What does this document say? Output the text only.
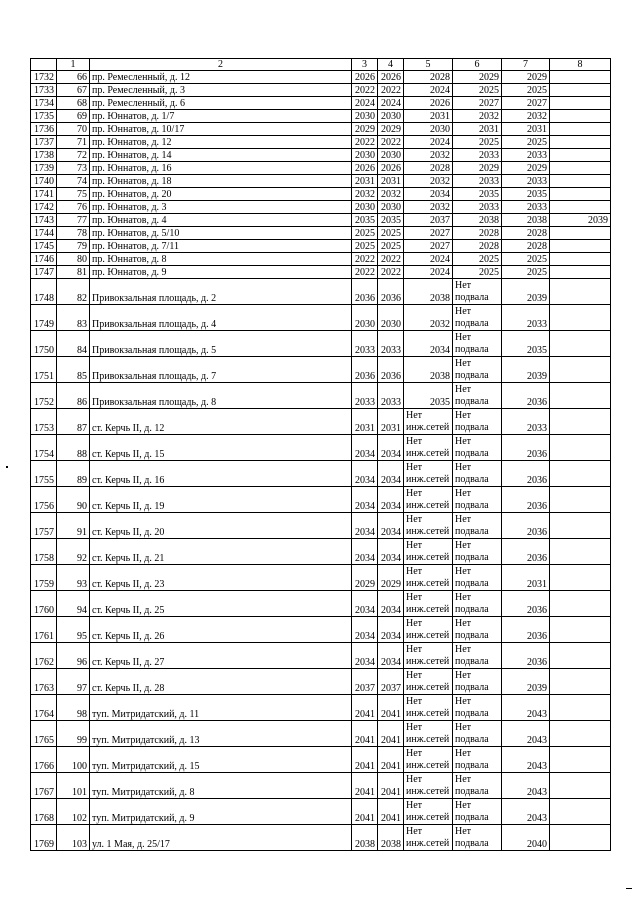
	1	2	3	4	5	6	7	8
1732	66	пр. Ремесленный, д. 12	2026	2026	2028	2029	2029	
1733	67	пр. Ремесленный, д. 3	2022	2022	2024	2025	2025	
1734	68	пр. Ремесленный, д. 6	2024	2024	2026	2027	2027	
1735	69	пр. Юннатов, д. 1/7	2030	2030	2031	2032	2032	
1736	70	пр. Юннатов, д. 10/17	2029	2029	2030	2031	2031	
1737	71	пр. Юннатов, д. 12	2022	2022	2024	2025	2025	
1738	72	пр. Юннатов, д. 14	2030	2030	2032	2033	2033	
1739	73	пр. Юннатов, д. 16	2026	2026	2028	2029	2029	
1740	74	пр. Юннатов, д. 18	2031	2031	2032	2033	2033	
1741	75	пр. Юннатов, д. 20	2032	2032	2034	2035	2035	
1742	76	пр. Юннатов, д. 3	2030	2030	2032	2033	2033	
1743	77	пр. Юннатов, д. 4	2035	2035	2037	2038	2038	2039
1744	78	пр. Юннатов, д. 5/10	2025	2025	2027	2028	2028	
1745	79	пр. Юннатов, д. 7/11	2025	2025	2027	2028	2028	
1746	80	пр. Юннатов, д. 8	2022	2022	2024	2025	2025	
1747	81	пр. Юннатов, д. 9	2022	2022	2024	2025	2025	
1748	82	Привокзальная площадь, д. 2	2036	2036	2038	Нет
подвала	2039	
1749	83	Привокзальная площадь, д. 4	2030	2030	2032	Нет
подвала	2033	
1750	84	Привокзальная площадь, д. 5	2033	2033	2034	Нет
подвала	2035	
1751	85	Привокзальная площадь, д. 7	2036	2036	2038	Нет
подвала	2039	
1752	86	Привокзальная площадь, д. 8	2033	2033	2035	Нет
подвала	2036	
1753	87	ст. Керчь II, д. 12	2031	2031	Нет
инж.сетей	Нет
подвала	2033	
1754	88	ст. Керчь II, д. 15	2034	2034	Нет
инж.сетей	Нет
подвала	2036	
1755	89	ст. Керчь II, д. 16	2034	2034	Нет
инж.сетей	Нет
подвала	2036	
1756	90	ст. Керчь II, д. 19	2034	2034	Нет
инж.сетей	Нет
подвала	2036	
1757	91	ст. Керчь II, д. 20	2034	2034	Нет
инж.сетей	Нет
подвала	2036	
1758	92	ст. Керчь II, д. 21	2034	2034	Нет
инж.сетей	Нет
подвала	2036	
1759	93	ст. Керчь II, д. 23	2029	2029	Нет
инж.сетей	Нет
подвала	2031	
1760	94	ст. Керчь II, д. 25	2034	2034	Нет
инж.сетей	Нет
подвала	2036	
1761	95	ст. Керчь II, д. 26	2034	2034	Нет
инж.сетей	Нет
подвала	2036	
1762	96	ст. Керчь II, д. 27	2034	2034	Нет
инж.сетей	Нет
подвала	2036	
1763	97	ст. Керчь II, д. 28	2037	2037	Нет
инж.сетей	Нет
подвала	2039	
1764	98	туп. Митридатский, д. 11	2041	2041	Нет
инж.сетей	Нет
подвала	2043	
1765	99	туп. Митридатский, д. 13	2041	2041	Нет
инж.сетей	Нет
подвала	2043	
1766	100	туп. Митридатский, д. 15	2041	2041	Нет
инж.сетей	Нет
подвала	2043	
1767	101	туп. Митридатский, д. 8	2041	2041	Нет
инж.сетей	Нет
подвала	2043	
1768	102	туп. Митридатский, д. 9	2041	2041	Нет
инж.сетей	Нет
подвала	2043	
1769	103	ул. 1 Мая, д. 25/17	2038	2038	Нет
инж.сетей	Нет
подвала	2040	
